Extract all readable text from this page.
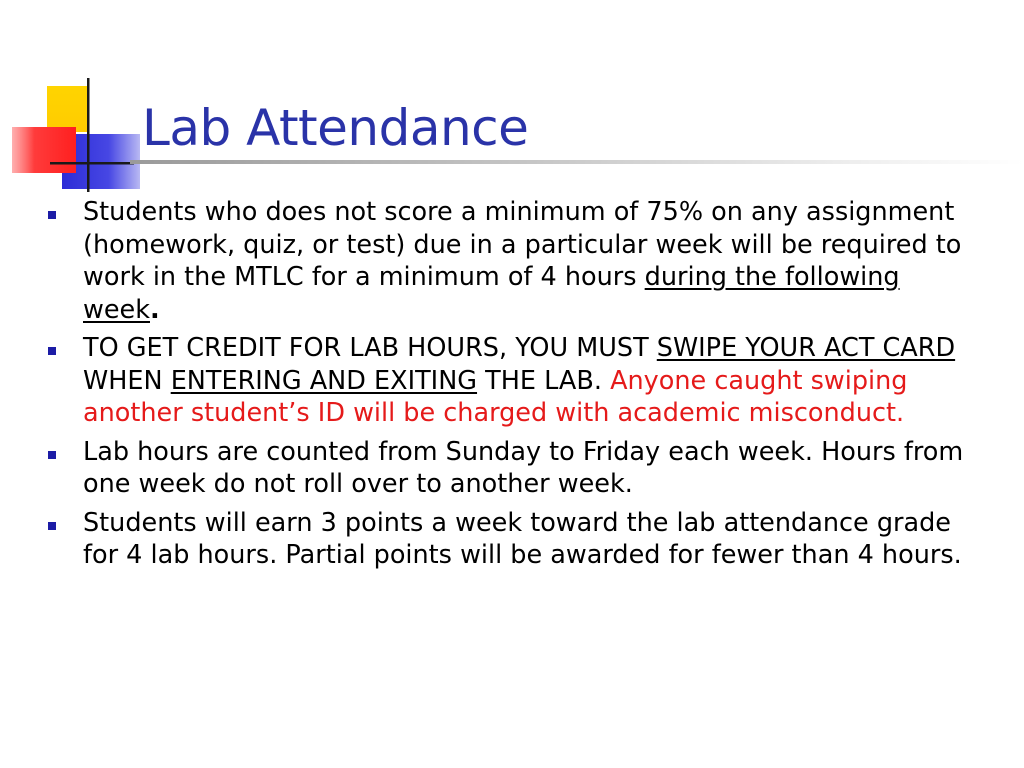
Lab Attendance
Students who does not score a minimum of 75% on any assignment (homework, quiz, or test) due in a particular week will be required to work in the MTLC for a minimum of 4 hours during the following week.
TO GET CREDIT FOR LAB HOURS, YOU MUST SWIPE YOUR ACT CARD WHEN ENTERING AND EXITING THE LAB. Anyone caught swiping another student’s ID will be charged with academic misconduct.
Lab hours are counted from Sunday to Friday each week. Hours from one week do not roll over to another week.
Students will earn 3 points a week toward the lab attendance grade for 4 lab hours. Partial points will be awarded for fewer than 4 hours.
